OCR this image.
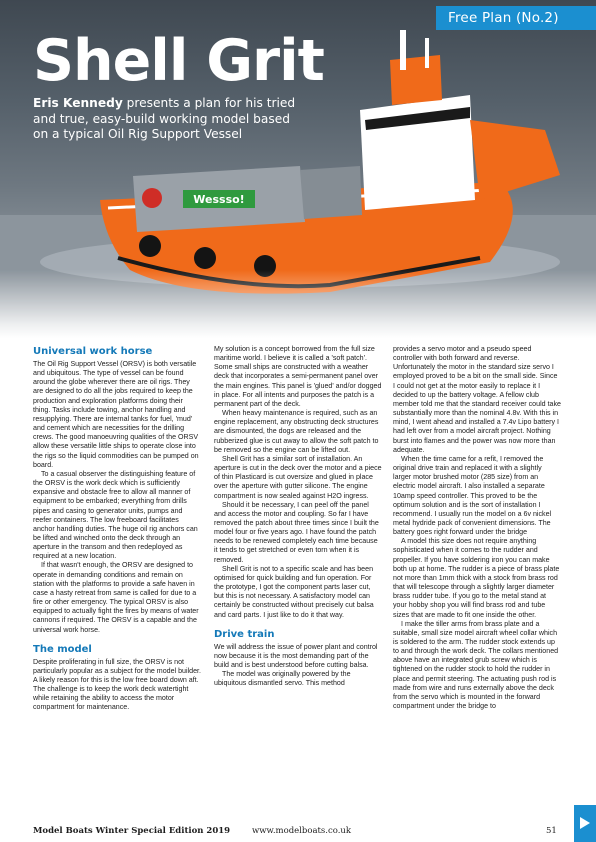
Wessso!
Free Plan (No.2)
Shell Grit
Eris Kennedy presents a plan for his tried and true, easy-build working model based on a typical Oil Rig Support Vessel
Universal work horse

The Oil Rig Support Vessel (ORSV) is both versatile and ubiquitous. The type of vessel can be found around the globe wherever there are oil rigs. They are designed to do all the jobs required to keep the production and exploration platforms doing their thing. Tasks include towing, anchor handling and resupplying. There are internal tanks for fuel, 'mud' and cement which are necessities for the drilling crews. The good manoeuvring qualities of the ORSV allow these versatile little ships to operate close into the rigs so the liquid commodities can be pumped on board.

To a casual observer the distinguishing feature of the ORSV is the work deck which is sufficiently expansive and obstacle free to allow all manner of equipment to be embarked; everything from drills pipes and casing to generator units, pumps and reefer containers. The low freeboard facilitates anchor handling duties. The huge oil rig anchors can be lifted and winched onto the deck through an aperture in the transom and then redeployed as required at a new location.

If that wasn't enough, the ORSV are designed to operate in demanding conditions and remain on station with the platforms to provide a safe haven in case a hasty retreat from same is called for due to a fire or other emergency. The typical ORSV is also equipped to actually fight the fires by means of water cannons if required. The ORSV is a capable and the universal work horse.

The model

Despite proliferating in full size, the ORSV is not particularly popular as a subject for the model builder. A likely reason for this is the low free board down aft. The challenge is to keep the work deck watertight while retaining the ability to access the motor compartment for maintenance.

My solution is a concept borrowed from the full size maritime world. I believe it is called a 'soft patch'. Some small ships are constructed with a weather deck that incorporates a semi-permanent panel over the main engines. This panel is 'glued' and/or dogged in place. For all intents and purposes the patch is a permanent part of the deck.

When heavy maintenance is required, such as an engine replacement, any obstructing deck structures are dismounted, the dogs are released and the rubberized glue is cut away to allow the soft patch to be removed so the engine can be lifted out.

Shell Grit has a similar sort of installation. An aperture is cut in the deck over the motor and a piece of thin Plasticard is cut oversize and glued in place over the aperture with gutter silicone. The engine compartment is now sealed against H2O ingress.

Should it be necessary, I can peel off the panel and access the motor and coupling. So far I have removed the patch about three times since I built the model four or five years ago. I have found the patch needs to be renewed completely each time because it tends to get stretched or even torn when it is removed.

Shell Grit is not to a specific scale and has been optimised for quick building and fun operation. For the prototype, I got the component parts laser cut, but this is not necessary. A satisfactory model can certainly be constructed without precisely cut balsa and card parts. I just like to do it that way.

Drive train

We will address the issue of power plant and control now because it is the most demanding part of the build and is best understood before cutting balsa.

The model was originally powered by the ubiquitous dismantled servo. This method

provides a servo motor and a pseudo speed controller with both forward and reverse. Unfortunately the motor in the standard size servo I employed proved to be a bit on the small side. Since I could not get at the motor easily to replace it I decided to up the battery voltage. A fellow club member told me that the standard receiver could take substantially more than the nominal 4.8v. With this in mind, I went ahead and installed a 7.4v Lipo battery I had left over from a model aircraft project. Nothing burst into flames and the power was now more than adequate.

When the time came for a refit, I removed the original drive train and replaced it with a slightly larger motor brushed motor (285 size) from an electric model aircraft. I also installed a separate 10amp speed controller. This proved to be the optimum solution and is the sort of installation I recommend. I usually run the model on a 6v nickel metal hydride pack of convenient dimensions. The battery goes right forward under the bridge

A model this size does not require anything sophisticated when it comes to the rudder and propeller. If you have soldering iron you can make both up at home. The rudder is a piece of brass plate not more than 1mm thick with a stock from brass rod that will telescope through a slightly larger diameter brass rudder tube. If you go to the metal stand at your hobby shop you will find brass rod and tube sizes that are made to fit one inside the other.

I make the tiller arms from brass plate and a suitable, small size model aircraft wheel collar which is soldered to the arm. The rudder stock extends up to and through the work deck. The collars mentioned above have an integrated grub screw which is tightened on the rudder stock to hold the rudder in place and permit steering. The actuating push rod is made from wire and runs externally above the deck from the servo which is mounted in the forward compartment under the bridge to

Model Boats Winter Special Edition 2019	www.modelboats.co.uk	51
